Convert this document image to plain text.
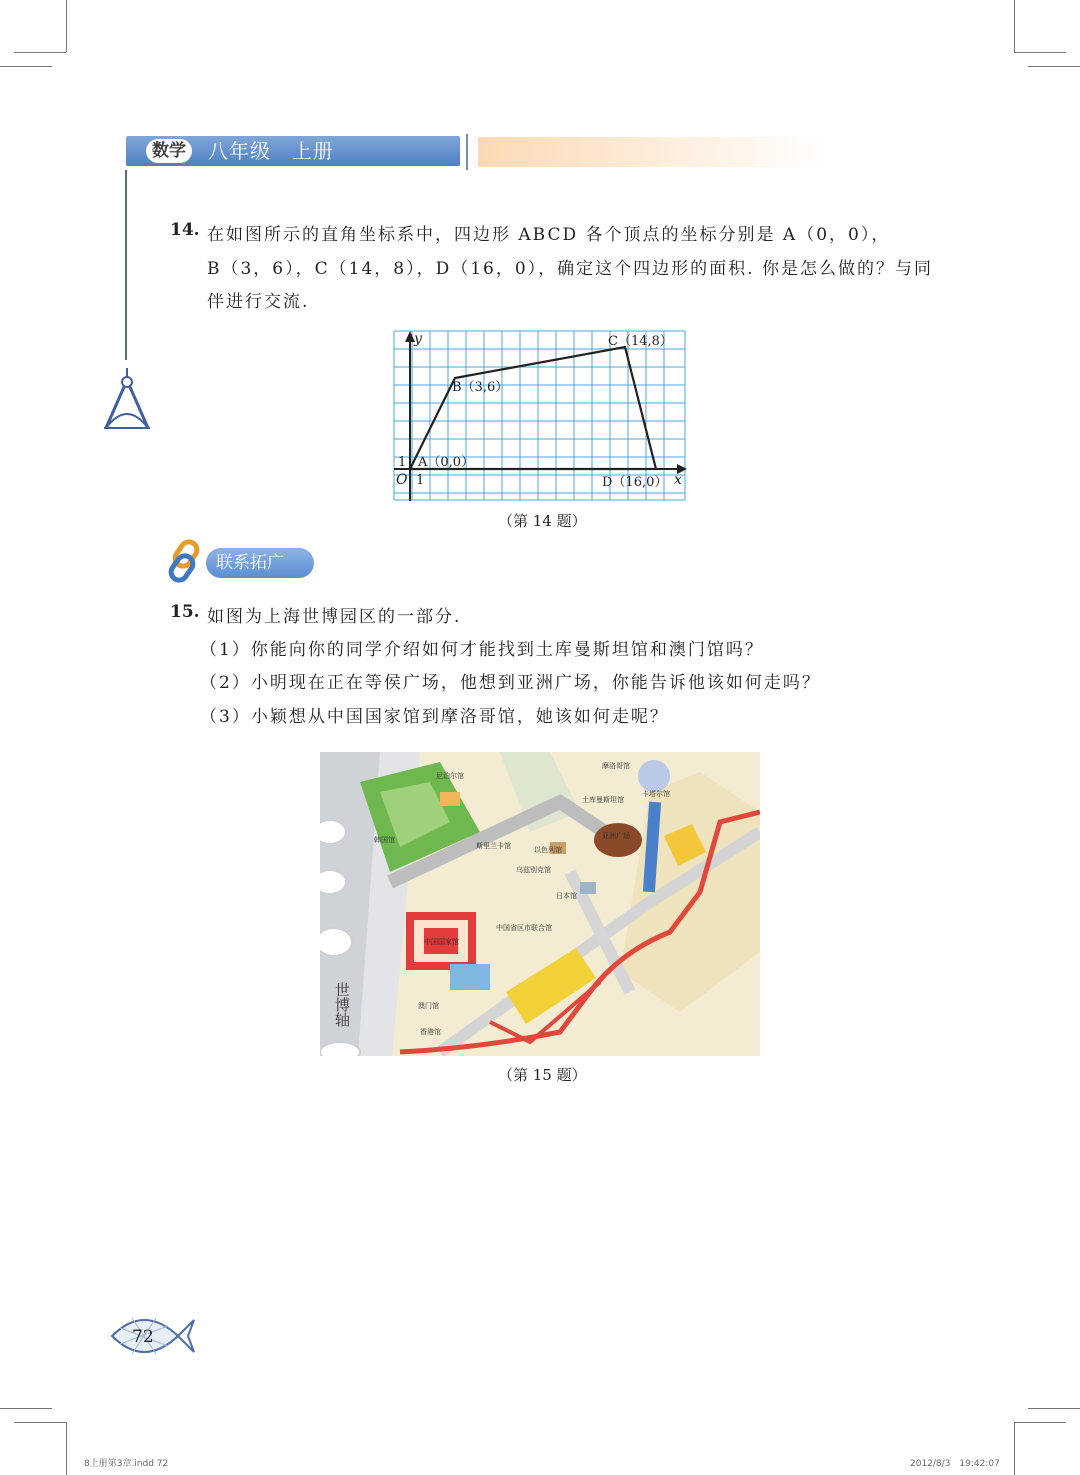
数学	八年级　上册
14. 在如图所示的直角坐标系中，四边形 ABCD 各个顶点的坐标分别是 A（0，0），
B（3，6），C（14，8），D（16，0），确定这个四边形的面积. 你是怎么做的？与同
伴进行交流.
y
x
O 1
1 A（0,0）
B（3,6）
C（14,8）
D（16,0）
（第 14 题）
联系拓广
15. 如图为上海世博园区的一部分.
（1）你能向你的同学介绍如何才能找到土库曼斯坦馆和澳门馆吗？
（2）小明现在正在等侯广场，他想到亚洲广场，你能告诉他该如何走吗？
（3）小颖想从中国国家馆到摩洛哥馆，她该如何走呢？
尼泊尔馆
摩洛哥馆
土库曼斯坦馆
卡塔尔馆
亚洲广场
韩国馆
斯里兰卡馆	以色列馆
乌兹别克馆
日本馆
中国国家馆
中国省区市联合馆
澳门馆
香港馆
世博轴
（第 15 题）
72
8上册第3章.indd 72	2012/8/3　19:42:07
